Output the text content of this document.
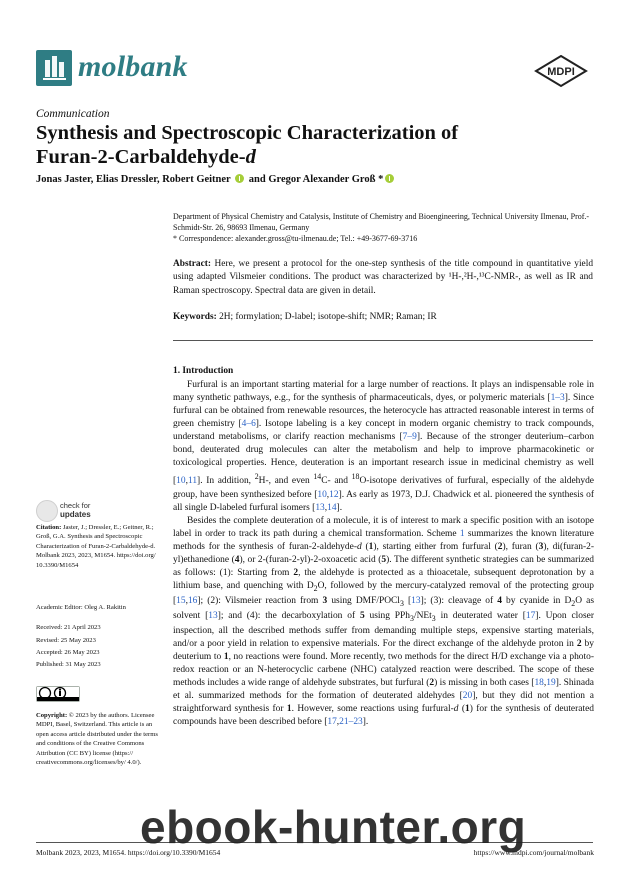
molbank	MDPI
Communication
Synthesis and Spectroscopic Characterization of
Furan-2-Carbaldehyde-d
Jonas Jaster, Elias Dressler, Robert Geitner and Gregor Alexander Groß *
Department of Physical Chemistry and Catalysis, Institute of Chemistry and Bioengineering, Technical University Ilmenau, Prof.-Schmidt-Str. 26, 98693 Ilmenau, Germany
* Correspondence: alexander.gross@tu-ilmenau.de; Tel.: +49-3677-69-3716
Abstract: Here, we present a protocol for the one-step synthesis of the title compound in quantitative yield using adapted Vilsmeier conditions. The product was characterized by ¹H-,²H-,¹³C-NMR-, as well as IR and Raman spectroscopy. Spectral data are given in detail.
Keywords: 2H; formylation; D-label; isotope-shift; NMR; Raman; IR
1. Introduction

Furfural is an important starting material for a large number of reactions. It plays an indispensable role in many synthetic pathways, e.g., for the synthesis of pharmaceuticals, dyes, or polymeric materials [1–3]. Since furfural can be obtained from renewable resources, the heterocycle has attracted reasonable interest in terms of green chemistry [4–6]. Isotope labeling is a key concept in modern organic chemistry to track compounds, understand metabolisms, or clarify reaction mechanisms [7–9]. Because of the stronger deuterium–carbon bond, deuterated drug molecules can alter the metabolism and help to improve pharmacokinetic or toxicological properties. Hence, deuteration is an important research issue in medicinal chemistry as well [10,11]. In addition, $^2$H-, and even $^{14}$C- and $^{18}$O-isotope derivatives of furfural, especially of the aldehyde group, have been synthesized before [10,12]. As early as 1973, D.J. Chadwick et al. pioneered the synthesis of all single D-labeled furfural isomers [13,14].

Besides the complete deuteration of a molecule, it is of interest to mark a specific position with an isotope label in order to track its path during a chemical transformation. Scheme 1 summarizes the known literature methods for the synthesis of furan-2-aldehyde-d (1), starting either from furfural (2), furan (3), di(furan-2-yl)ethanedione (4), or 2-(furan-2-yl)-2-oxoacetic acid (5). The different synthetic strategies can be summarized as follows: (1): Starting from 2, the aldehyde is protected as a thioacetale, subsequent deprotonation by a lithium base, and quenching with $D_2O$, followed by the mercury-catalyzed removal of the protecting group [15,16]; (2): Vilsmeier reaction from 3 using DMF/POCl$_3$ [13]; (3): cleavage of 4 by cyanide in $D_2O$ as solvent [13]; and (4): the decarboxylation of 5 using PPh$_3$/NEt$_3$ in deuterated water [17]. Upon closer inspection, all the described methods suffer from demanding multiple steps, expensive starting materials, and/or a poor yield in relation to expensive materials. For the direct exchange of the aldehyde proton in 2 by deuterium to 1, no reactions were found. More recently, two methods for the direct H/D exchange via a photo-redox reaction or an N-heterocyclic carbene (NHC) catalyzed reaction were described. The scope of these methods includes a wide range of aldehyde substrates, but furfural (2) is missing in both cases [18,19]. Shinada et al. summarized methods for the formation of deuterated aldehydes [20], but they did not mention a straightforward synthesis for 1. However, some reactions using furfural-d (1) for the synthesis of deuterated compounds have been described before [17,21–23].

check for
updates
Citation: Jaster, J.; Dressler, E.; Geitner, R.; Groß, G.A. Synthesis and Spectroscopic Characterization of Furan-2-Carbaldehyde-d. Molbank 2023, 2023, M1654. https://doi.org/ 10.3390/M1654
Academic Editor: Oleg A. Rakitin
Received: 21 April 2023
Revised: 25 May 2023
Accepted: 26 May 2023
Published: 31 May 2023
Copyright: © 2023 by the authors. Licensee MDPI, Basel, Switzerland. This article is an open access article distributed under the terms and conditions of the Creative Commons Attribution (CC BY) license (https:// creativecommons.org/licenses/by/ 4.0/).
Molbank 2023, 2023, M1654. https://doi.org/10.3390/M1654	https://www.mdpi.com/journal/molbank
ebook-hunter.org
